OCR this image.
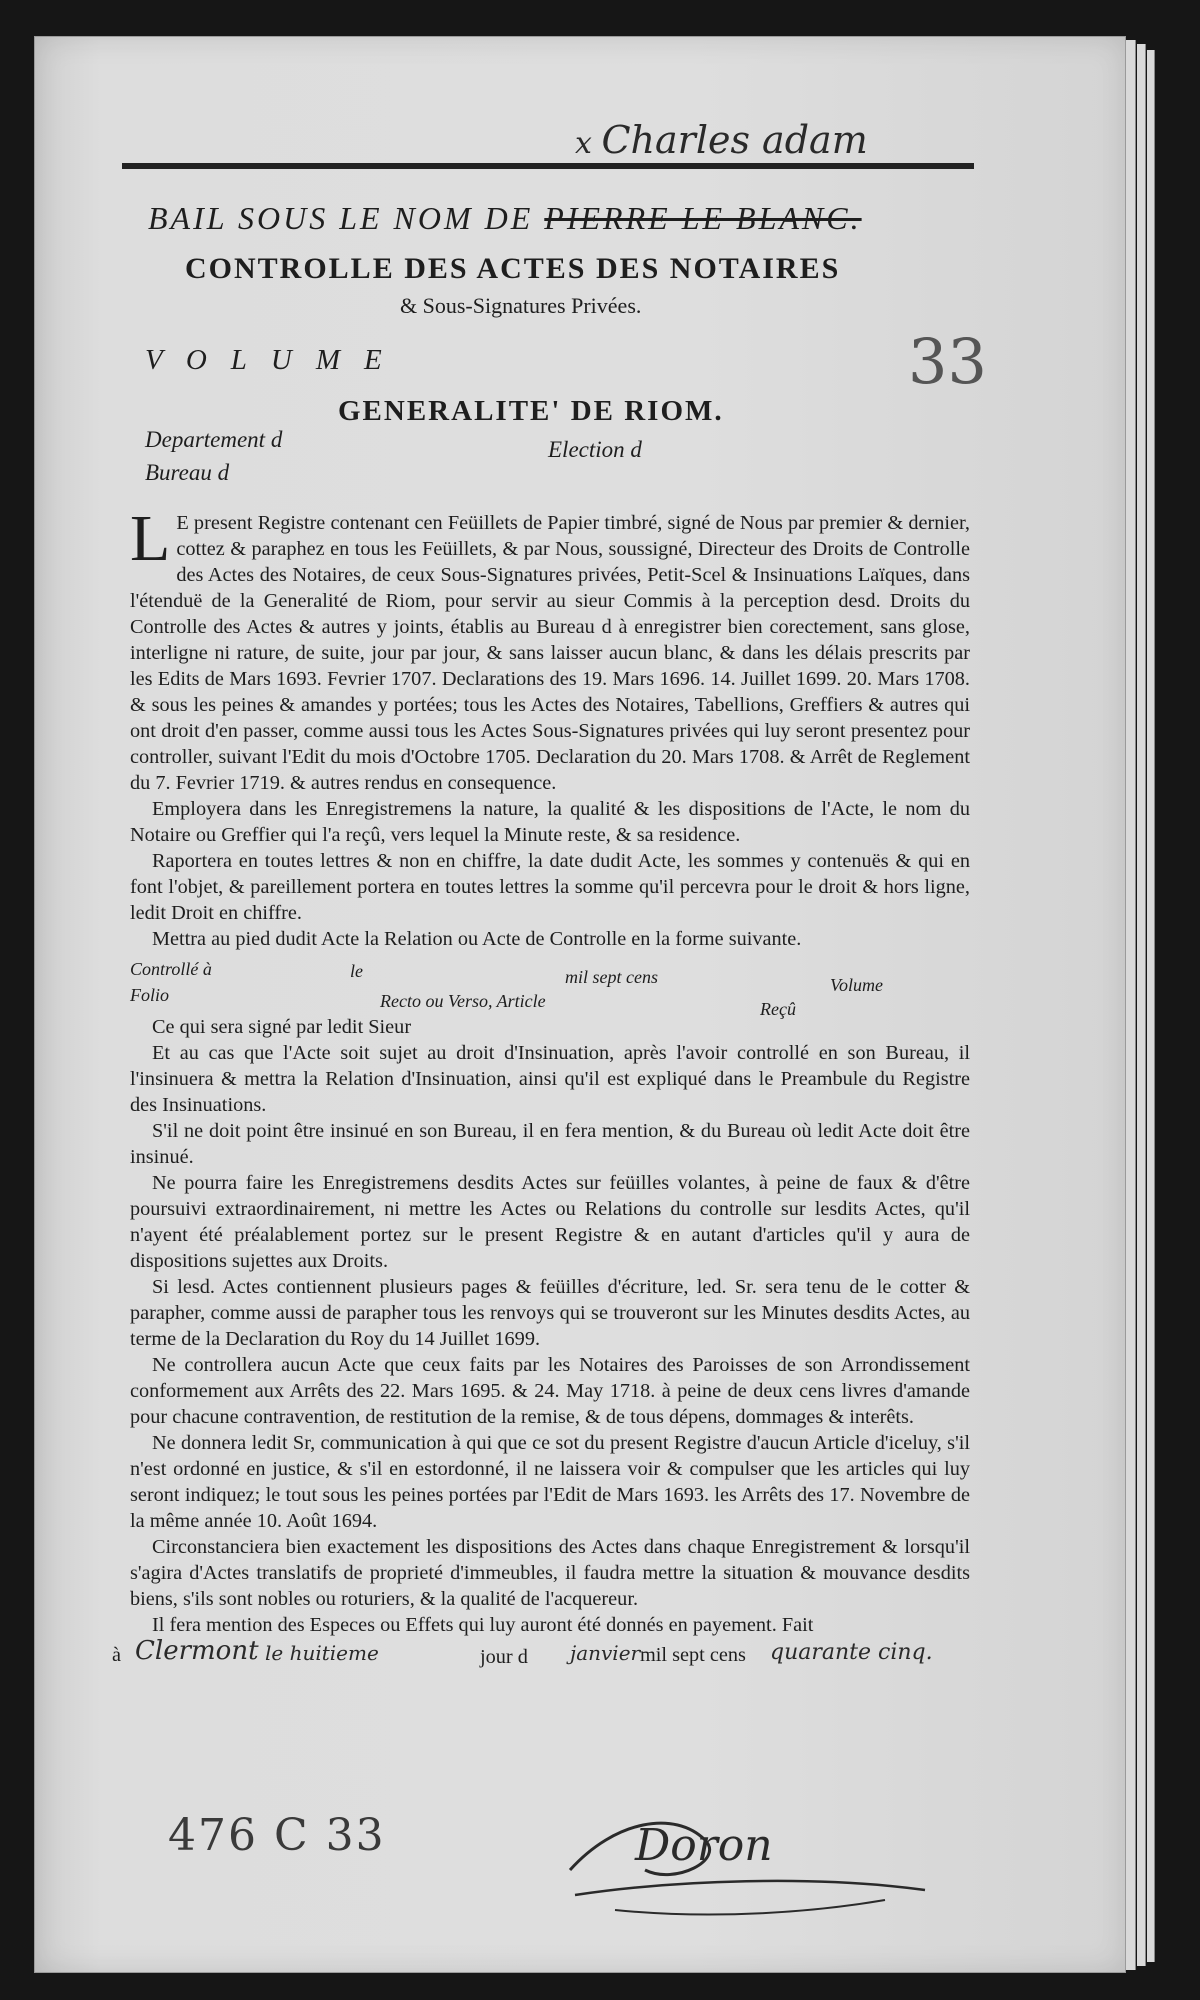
x Charles adam
BAIL SOUS LE NOM DE PIERRE LE BLANC.
CONTROLLE DES ACTES DES NOTAIRES
& Sous-Signatures Privées.
VOLUME	33
GENERALITE' DE RIOM.
Departement d	Election d
Bureau d

L E present Registre contenant cen Feüillets de Papier timbré, signé de Nous par premier & dernier, cottez & paraphez en tous les Feüillets, & par Nous, soussigné, Directeur des Droits de Controlle des Actes des Notaires, de ceux Sous-Signatures privées, Petit-Scel & Insinuations Laïques, dans l'étenduë de la Generalité de Riom, pour servir au sieur Commis à la perception desd. Droits du Controlle des Actes & autres y joints, établis au Bureau d à enregistrer bien corectement, sans glose, interligne ni rature, de suite, jour par jour, & sans laisser aucun blanc, & dans les délais prescrits par les Edits de Mars 1693. Fevrier 1707. Declarations des 19. Mars 1696. 14. Juillet 1699. 20. Mars 1708. & sous les peines & amandes y portées; tous les Actes des Notaires, Tabellions, Greffiers & autres qui ont droit d'en passer, comme aussi tous les Actes Sous-Signatures privées qui luy seront presentez pour controller, suivant l'Edit du mois d'Octobre 1705. Declaration du 20. Mars 1708. & Arrêt de Reglement du 7. Fevrier 1719. & autres rendus en consequence.

Employera dans les Enregistremens la nature, la qualité & les dispositions de l'Acte, le nom du Notaire ou Greffier qui l'a reçû, vers lequel la Minute reste, & sa residence.

Raportera en toutes lettres & non en chiffre, la date dudit Acte, les sommes y contenuës & qui en font l'objet, & pareillement portera en toutes lettres la somme qu'il percevra pour le droit & hors ligne, ledit Droit en chiffre.

Mettra au pied dudit Acte la Relation ou Acte de Controlle en la forme suivante.

Controllé à	le	mil sept cens	Volume
Folio	Recto ou Verso, Article	Reçû

Ce qui sera signé par ledit Sieur

Et au cas que l'Acte soit sujet au droit d'Insinuation, après l'avoir controllé en son Bureau, il l'insinuera & mettra la Relation d'Insinuation, ainsi qu'il est expliqué dans le Preambule du Registre des Insinuations.

S'il ne doit point être insinué en son Bureau, il en fera mention, & du Bureau où ledit Acte doit être insinué.

Ne pourra faire les Enregistremens desdits Actes sur feüilles volantes, à peine de faux & d'être poursuivi extraordinairement, ni mettre les Actes ou Relations du controlle sur lesdits Actes, qu'il n'ayent été préalablement portez sur le present Registre & en autant d'articles qu'il y aura de dispositions sujettes aux Droits.

Si lesd. Actes contiennent plusieurs pages & feüilles d'écriture, led. Sr. sera tenu de le cotter & parapher, comme aussi de parapher tous les renvoys qui se trouveront sur les Minutes desdits Actes, au terme de la Declaration du Roy du 14 Juillet 1699.

Ne controllera aucun Acte que ceux faits par les Notaires des Paroisses de son Arrondissement conformement aux Arrêts des 22. Mars 1695. & 24. May 1718. à peine de deux cens livres d'amande pour chacune contravention, de restitution de la remise, & de tous dépens, dommages & interêts.

Ne donnera ledit Sr, communication à qui que ce sot du present Registre d'aucun Article d'iceluy, s'il n'est ordonné en justice, & s'il en estordonné, il ne laissera voir & compulser que les articles qui luy seront indiquez; le tout sous les peines portées par l'Edit de Mars 1693. les Arrêts des 17. Novembre de la même année 10. Août 1694.

Circonstanciera bien exactement les dispositions des Actes dans chaque Enregistrement & lorsqu'il s'agira d'Actes translatifs de proprieté d'immeubles, il faudra mettre la situation & mouvance desdits biens, s'ils sont nobles ou roturiers, & la qualité de l'acquereur.

Il fera mention des Especes ou Effets qui luy auront été donnés en payement. Fait

à Clermont le huitieme	jour d janvier mil sept cens quarante cinq.
476 C 33	Doron
